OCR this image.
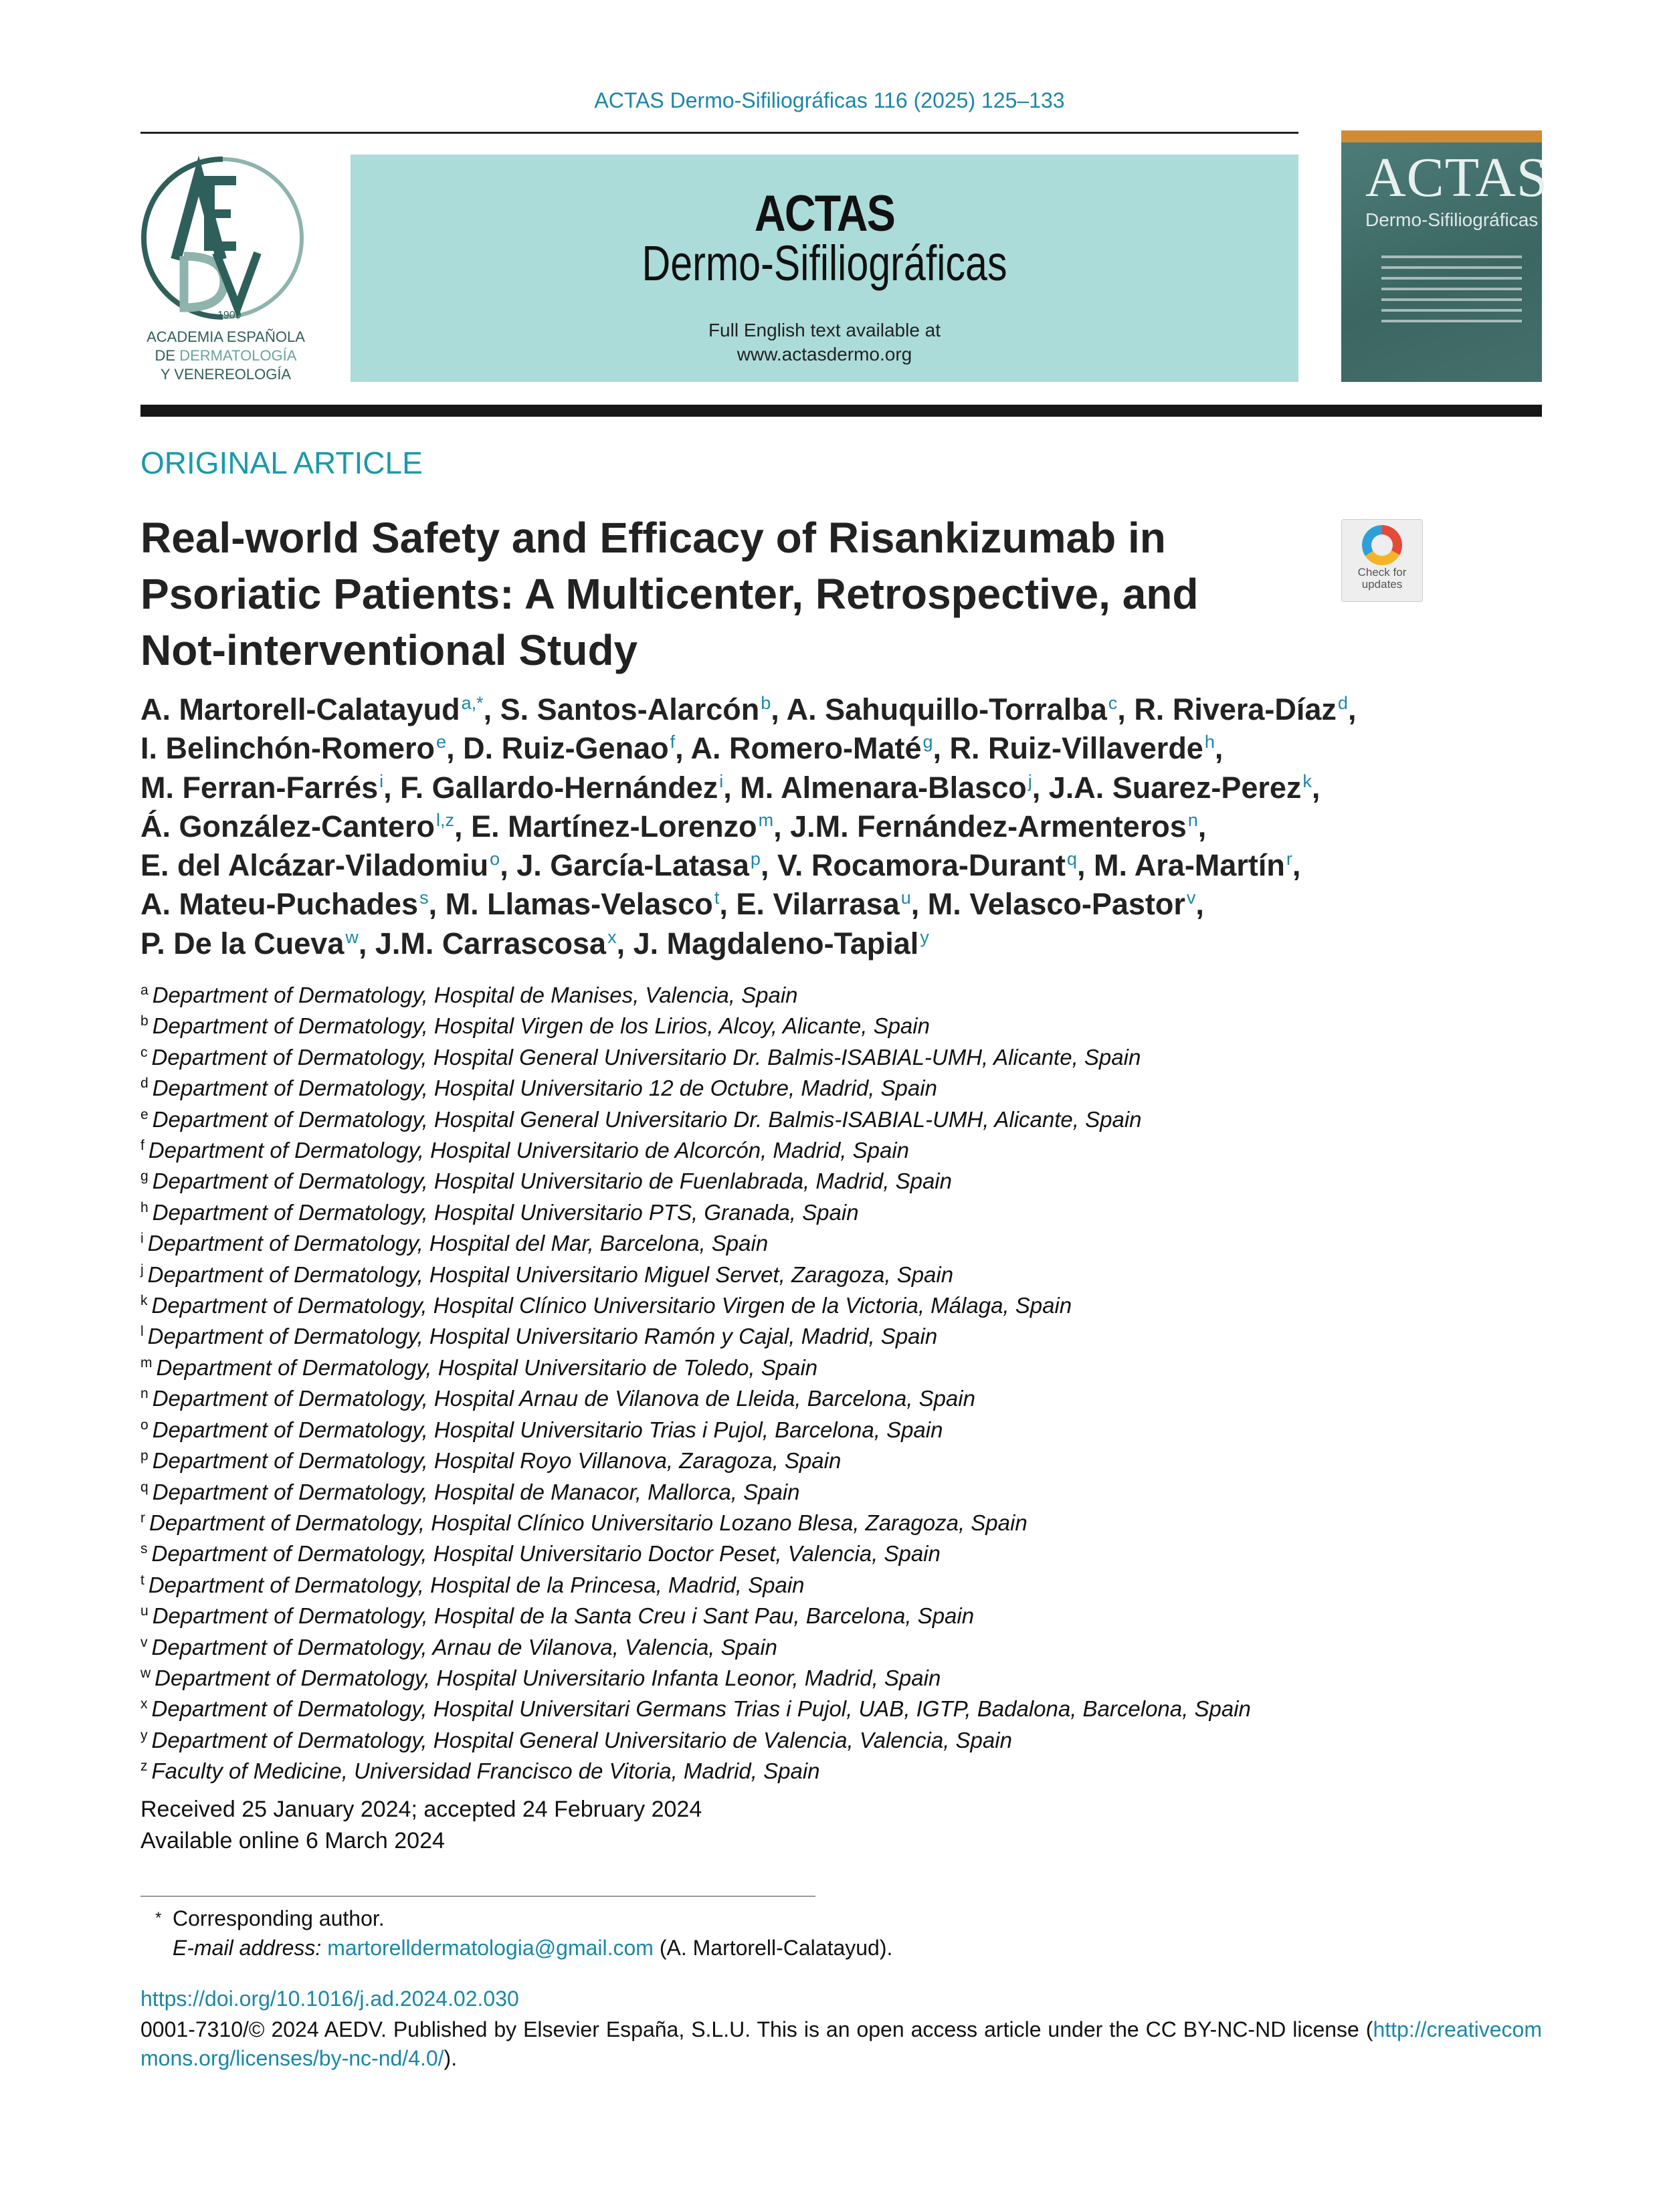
ACTAS Dermo-Sifiliográficas 116 (2025) 125–133
1909
ACADEMIA ESPAÑOLA
DE DERMATOLOGÍA
Y VENEREOLOGÍA
ACTAS
Dermo-Sifiliográficas
Full English text available at
www.actasdermo.org
ACTAS
Dermo-Sifiliográficas
ORIGINAL ARTICLE
Real-world Safety and Efficacy of Risankizumab in
Psoriatic Patients: A Multicenter, Retrospective, and
Not-interventional Study
Check for
updates
A. Martorell-Calatayud$^{a,*}$, S. Santos-Alarcón$^b$, A. Sahuquillo-Torralba$^c$, R. Rivera-Díaz$^d$,
I. Belinchón-Romero$^e$, D. Ruiz-Genao$^f$, A. Romero-Maté$^g$, R. Ruiz-Villaverde$^h$,
M. Ferran-Farrés$^i$, F. Gallardo-Hernández$^i$, M. Almenara-Blasco$^j$, J.A. Suarez-Perez$^k$,
Á. González-Cantero$^{l,z}$, E. Martínez-Lorenzo$^m$, J.M. Fernández-Armenteros$^n$,
E. del Alcázar-Viladomiu$^o$, J. García-Latasa$^p$, V. Rocamora-Durant$^q$, M. Ara-Martín$^r$,
A. Mateu-Puchades$^s$, M. Llamas-Velasco$^t$, E. Vilarrasa$^u$, M. Velasco-Pastor$^v$,
P. De la Cueva$^w$, J.M. Carrascosa$^x$, J. Magdaleno-Tapial$^y$
$^a$ Department of Dermatology, Hospital de Manises, Valencia, Spain
$^b$ Department of Dermatology, Hospital Virgen de los Lirios, Alcoy, Alicante, Spain
$^c$ Department of Dermatology, Hospital General Universitario Dr. Balmis-ISABIAL-UMH, Alicante, Spain
$^d$ Department of Dermatology, Hospital Universitario 12 de Octubre, Madrid, Spain
$^e$ Department of Dermatology, Hospital General Universitario Dr. Balmis-ISABIAL-UMH, Alicante, Spain
$^f$ Department of Dermatology, Hospital Universitario de Alcorcón, Madrid, Spain
$^g$ Department of Dermatology, Hospital Universitario de Fuenlabrada, Madrid, Spain
$^h$ Department of Dermatology, Hospital Universitario PTS, Granada, Spain
$^i$ Department of Dermatology, Hospital del Mar, Barcelona, Spain
$^j$ Department of Dermatology, Hospital Universitario Miguel Servet, Zaragoza, Spain
$^k$ Department of Dermatology, Hospital Clínico Universitario Virgen de la Victoria, Málaga, Spain
$^l$ Department of Dermatology, Hospital Universitario Ramón y Cajal, Madrid, Spain
$^m$ Department of Dermatology, Hospital Universitario de Toledo, Spain
$^n$ Department of Dermatology, Hospital Arnau de Vilanova de Lleida, Barcelona, Spain
$^o$ Department of Dermatology, Hospital Universitario Trias i Pujol, Barcelona, Spain
$^p$ Department of Dermatology, Hospital Royo Villanova, Zaragoza, Spain
$^q$ Department of Dermatology, Hospital de Manacor, Mallorca, Spain
$^r$ Department of Dermatology, Hospital Clínico Universitario Lozano Blesa, Zaragoza, Spain
$^s$ Department of Dermatology, Hospital Universitario Doctor Peset, Valencia, Spain
$^t$ Department of Dermatology, Hospital de la Princesa, Madrid, Spain
$^u$ Department of Dermatology, Hospital de la Santa Creu i Sant Pau, Barcelona, Spain
$^v$ Department of Dermatology, Arnau de Vilanova, Valencia, Spain
$^w$ Department of Dermatology, Hospital Universitario Infanta Leonor, Madrid, Spain
$^x$ Department of Dermatology, Hospital Universitari Germans Trias i Pujol, UAB, IGTP, Badalona, Barcelona, Spain
$^y$ Department of Dermatology, Hospital General Universitario de Valencia, Valencia, Spain
$^z$ Faculty of Medicine, Universidad Francisco de Vitoria, Madrid, Spain
Received 25 January 2024; accepted 24 February 2024
Available online 6 March 2024
* Corresponding author.
E-mail address: martorelldermatologia@gmail.com (A. Martorell-Calatayud).
https://doi.org/10.1016/j.ad.2024.02.030
0001-7310/© 2024 AEDV. Published by Elsevier España, S.L.U. This is an open access article under the CC BY-NC-ND license (http://creativecommons.org/licenses/by-nc-nd/4.0/).
